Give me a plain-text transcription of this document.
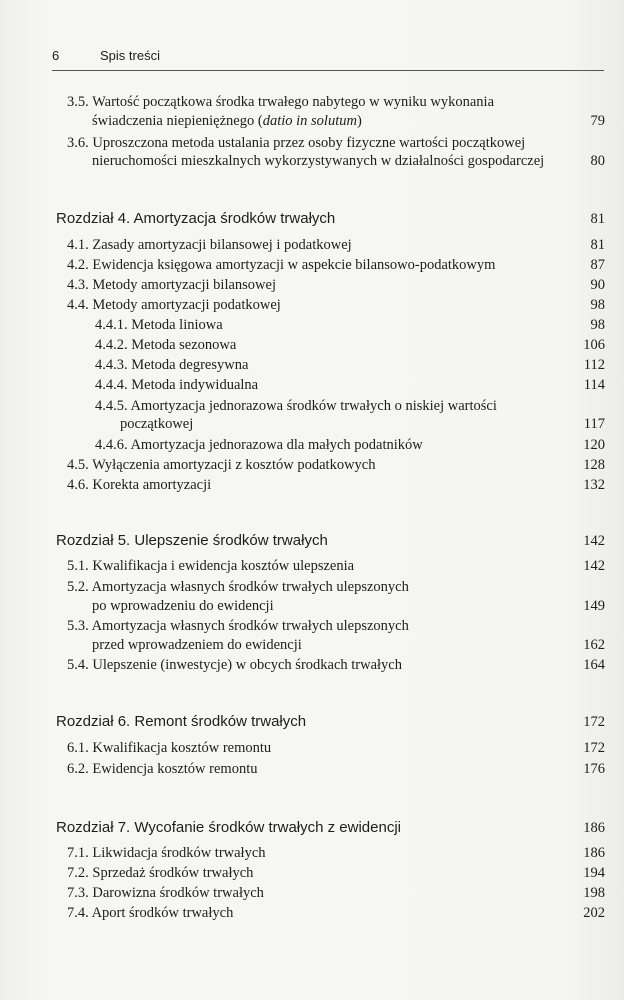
6	Spis treści
3.5. Wartość początkowa środka trwałego nabytego w wyniku wykonania
świadczenia niepieniężnego (datio in solutum)	79
3.6. Uproszczona metoda ustalania przez osoby fizyczne wartości początkowej
nieruchomości mieszkalnych wykorzystywanych w działalności gospodarczej	80
Rozdział 4. Amortyzacja środków trwałych	81
4.1. Zasady amortyzacji bilansowej i podatkowej	81
4.2. Ewidencja księgowa amortyzacji w aspekcie bilansowo-podatkowym	87
4.3. Metody amortyzacji bilansowej	90
4.4. Metody amortyzacji podatkowej	98
4.4.1. Metoda liniowa	98
4.4.2. Metoda sezonowa	106
4.4.3. Metoda degresywna	112
4.4.4. Metoda indywidualna	114
4.4.5. Amortyzacja jednorazowa środków trwałych o niskiej wartości
początkowej	117
4.4.6. Amortyzacja jednorazowa dla małych podatników	120
4.5. Wyłączenia amortyzacji z kosztów podatkowych	128
4.6. Korekta amortyzacji	132
Rozdział 5. Ulepszenie środków trwałych	142
5.1. Kwalifikacja i ewidencja kosztów ulepszenia	142
5.2. Amortyzacja własnych środków trwałych ulepszonych
po wprowadzeniu do ewidencji	149
5.3. Amortyzacja własnych środków trwałych ulepszonych
przed wprowadzeniem do ewidencji	162
5.4. Ulepszenie (inwestycje) w obcych środkach trwałych	164
Rozdział 6. Remont środków trwałych	172
6.1. Kwalifikacja kosztów remontu	172
6.2. Ewidencja kosztów remontu	176
Rozdział 7. Wycofanie środków trwałych z ewidencji	186
7.1. Likwidacja środków trwałych	186
7.2. Sprzedaż środków trwałych	194
7.3. Darowizna środków trwałych	198
7.4. Aport środków trwałych	202
